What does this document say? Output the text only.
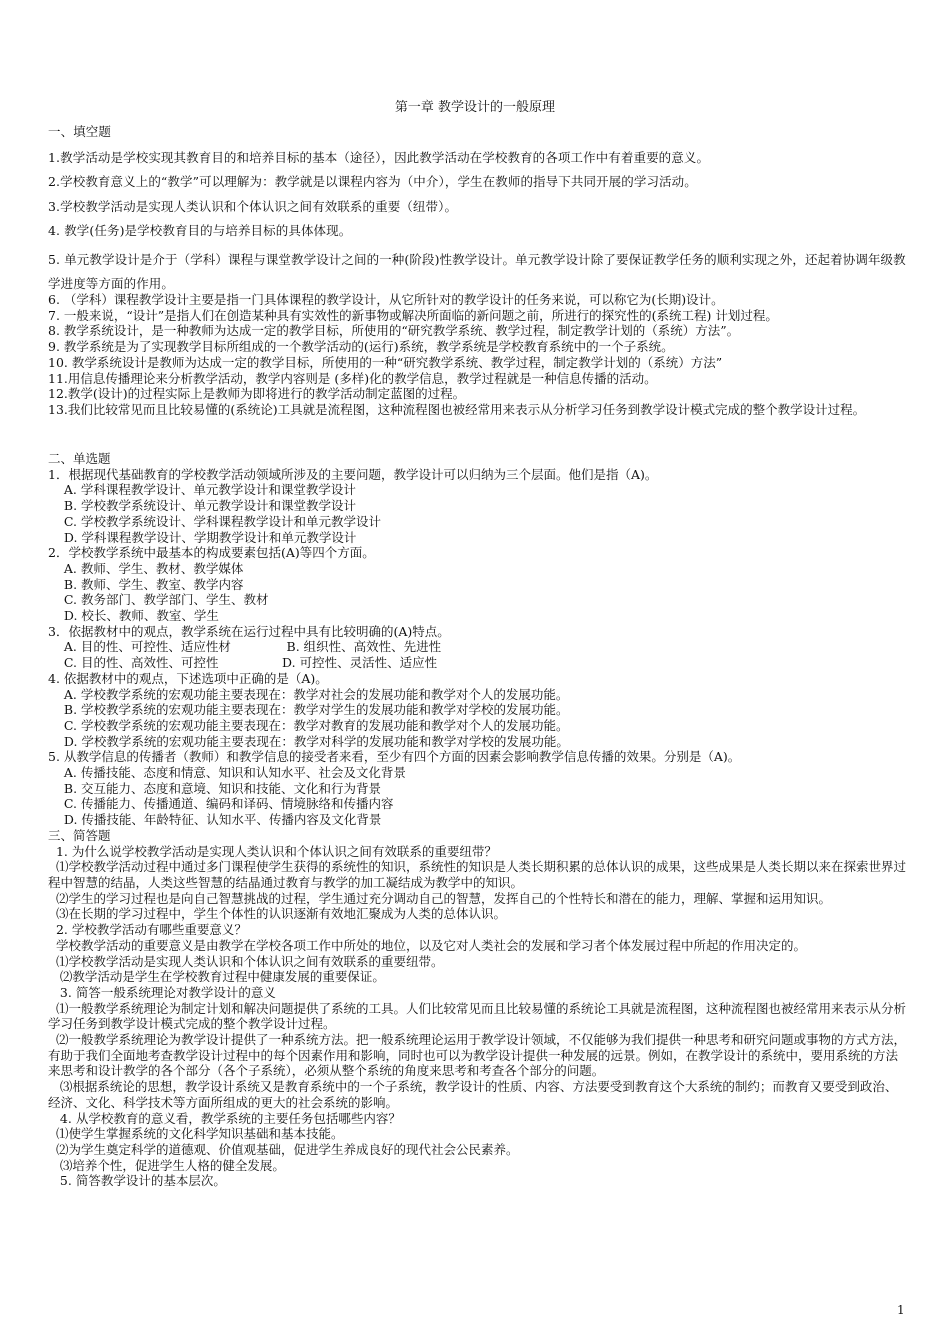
第一章 教学设计的一般原理
一、填空题
1.教学活动是学校实现其教育目的和培养目标的基本（途径），因此教学活动在学校教育的各项工作中有着重要的意义。
2.学校教育意义上的“教学”可以理解为：教学就是以课程内容为（中介），学生在教师的指导下共同开展的学习活动。
3.学校教学活动是实现人类认识和个体认识之间有效联系的重要（纽带）。
4. 教学(任务)是学校教育目的与培养目标的具体体现。
5. 单元教学设计是介于（学科）课程与课堂教学设计之间的一种(阶段)性教学设计。单元教学设计除了要保证教学任务的顺利实现之外，还起着协调年级教学进度等方面的作用。
6. （学科）课程教学设计主要是指一门具体课程的教学设计，从它所针对的教学设计的任务来说，可以称它为(长期)设计。
7. 一般来说，“设计”是指人们在创造某种具有实效性的新事物或解决所面临的新问题之前，所进行的探究性的(系统工程) 计划过程。
8. 教学系统设计，是一种教师为达成一定的教学目标，所使用的“研究教学系统、教学过程，制定教学计划的（系统）方法”。
9. 教学系统是为了实现教学目标所组成的一个教学活动的(运行)系统，教学系统是学校教育系统中的一个子系统。
10. 教学系统设计是教师为达成一定的教学目标，所使用的一种“研究教学系统、教学过程，制定教学计划的（系统）方法”
11.用信息传播理论来分析教学活动，教学内容则是 (多样)化的教学信息，教学过程就是一种信息传播的活动。
12.教学(设计)的过程实际上是教师为即将进行的教学活动制定蓝图的过程。
13.我们比较常见而且比较易懂的(系统论)工具就是流程图，这种流程图也被经常用来表示从分析学习任务到教学设计模式完成的整个教学设计过程。
二、单选题
1．根据现代基础教育的学校教学活动领域所涉及的主要问题，教学设计可以归纳为三个层面。他们是指（A)。
A. 学科课程教学设计、单元教学设计和课堂教学设计
B. 学校教学系统设计、单元教学设计和课堂教学设计
C. 学校教学系统设计、学科课程教学设计和单元教学设计
D. 学科课程教学设计、学期教学设计和单元教学设计
2．学校教学系统中最基本的构成要素包括(A)等四个方面。
A. 教师、学生、教材、教学媒体
B. 教师、学生、教室、教学内容
C. 教务部门、教学部门、学生、教材
D. 校长、教师、教室、学生
3．依据教材中的观点，教学系统在运行过程中具有比较明确的(A)特点。
A. 目的性、可控性、适应性材              B. 组织性、高效性、先进性
C. 目的性、高效性、可控性                D. 可控性、灵活性、适应性
4. 依据教材中的观点，下述选项中正确的是（A)。
A. 学校教学系统的宏观功能主要表现在：教学对社会的发展功能和教学对个人的发展功能。
B. 学校教学系统的宏观功能主要表现在：教学对学生的发展功能和教学对学校的发展功能。
C. 学校教学系统的宏观功能主要表现在：教学对教育的发展功能和教学对个人的发展功能。
D. 学校教学系统的宏观功能主要表现在：教学对科学的发展功能和教学对学校的发展功能。
5. 从教学信息的传播者（教师）和教学信息的接受者来看，至少有四个方面的因素会影响教学信息传播的效果。分别是（A)。
A. 传播技能、态度和情意、知识和认知水平、社会及文化背景
B. 交互能力、态度和意境、知识和技能、文化和行为背景
C. 传播能力、传播通道、编码和译码、情境脉络和传播内容
D. 传播技能、年龄特征、认知水平、传播内容及文化背景
三、简答题
1. 为什么说学校教学活动是实现人类认识和个体认识之间有效联系的重要纽带？
⑴学校教学活动过程中通过多门课程使学生获得的系统性的知识，系统性的知识是人类长期积累的总体认识的成果，这些成果是人类长期以来在探索世界过程中智慧的结晶，人类这些智慧的结晶通过教育与教学的加工凝结成为教学中的知识。
⑵学生的学习过程也是向自己智慧挑战的过程，学生通过充分调动自己的智慧，发挥自己的个性特长和潜在的能力，理解、掌握和运用知识。
⑶在长期的学习过程中，学生个体性的认识逐渐有效地汇聚成为人类的总体认识。
2. 学校教学活动有哪些重要意义？
学校教学活动的重要意义是由教学在学校各项工作中所处的地位，以及它对人类社会的发展和学习者个体发展过程中所起的作用决定的。
⑴学校教学活动是实现人类认识和个体认识之间有效联系的重要纽带。
⑵教学活动是学生在学校教育过程中健康发展的重要保证。
3. 简答一般系统理论对教学设计的意义
⑴一般教学系统理论为制定计划和解决问题提供了系统的工具。人们比较常见而且比较易懂的系统论工具就是流程图，这种流程图也被经常用来表示从分析学习任务到教学设计模式完成的整个教学设计过程。
⑵一般教学系统理论为教学设计提供了一种系统方法。把一般系统理论运用于教学设计领域，不仅能够为我们提供一种思考和研究问题或事物的方式方法，有助于我们全面地考查教学设计过程中的每个因素作用和影响，同时也可以为教学设计提供一种发展的远景。例如，在教学设计的系统中，要用系统的方法来思考和设计教学的各个部分（各个子系统），必须从整个系统的角度来思考和考查各个部分的问题。
⑶根据系统论的思想，教学设计系统又是教育系统中的一个子系统，教学设计的性质、内容、方法要受到教育这个大系统的制约；而教育又要受到政治、经济、文化、科学技术等方面所组成的更大的社会系统的影响。
4. 从学校教育的意义看，教学系统的主要任务包括哪些内容？
⑴使学生掌握系统的文化科学知识基础和基本技能。
⑵为学生奠定科学的道德观、价值观基础，促进学生养成良好的现代社会公民素养。
⑶培养个性，促进学生人格的健全发展。
5. 简答教学设计的基本层次。
1
